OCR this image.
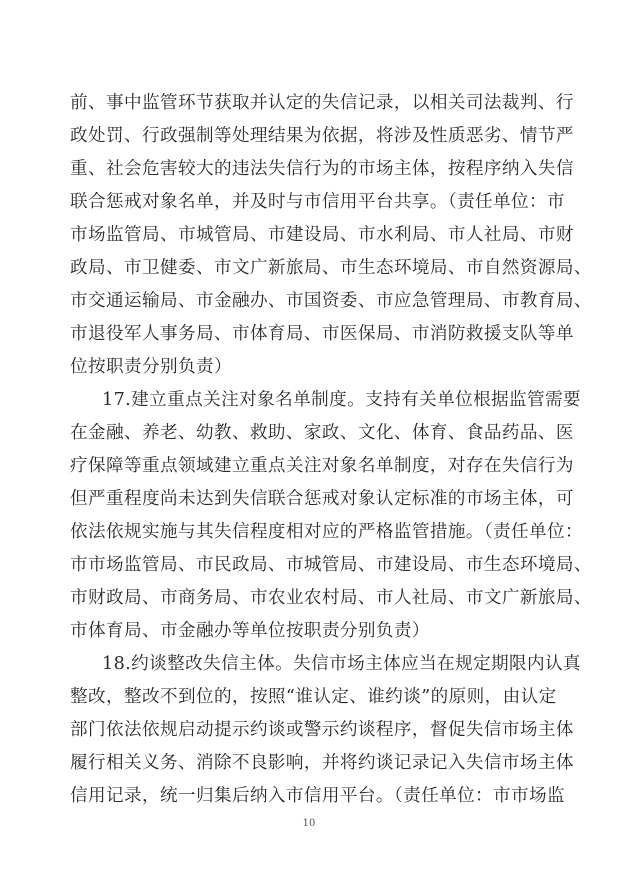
前、事中监管环节获取并认定的失信记录，以相关司法裁判、行
政处罚、行政强制等处理结果为依据，将涉及性质恶劣、情节严
重、社会危害较大的违法失信行为的市场主体，按程序纳入失信
联合惩戒对象名单，并及时与市信用平台共享。（责任单位：市
市场监管局、市城管局、市建设局、市水利局、市人社局、市财
政局、市卫健委、市文广新旅局、市生态环境局、市自然资源局、
市交通运输局、市金融办、市国资委、市应急管理局、市教育局、
市退役军人事务局、市体育局、市医保局、市消防救援支队等单
位按职责分别负责）
17.建立重点关注对象名单制度。支持有关单位根据监管需要
在金融、养老、幼教、救助、家政、文化、体育、食品药品、医
疗保障等重点领域建立重点关注对象名单制度，对存在失信行为
但严重程度尚未达到失信联合惩戒对象认定标准的市场主体，可
依法依规实施与其失信程度相对应的严格监管措施。（责任单位：
市市场监管局、市民政局、市城管局、市建设局、市生态环境局、
市财政局、市商务局、市农业农村局、市人社局、市文广新旅局、
市体育局、市金融办等单位按职责分别负责）
18.约谈整改失信主体。失信市场主体应当在规定期限内认真
整改，整改不到位的，按照“谁认定、谁约谈”的原则，由认定
部门依法依规启动提示约谈或警示约谈程序，督促失信市场主体
履行相关义务、消除不良影响，并将约谈记录记入失信市场主体
信用记录，统一归集后纳入市信用平台。（责任单位：市市场监
10
